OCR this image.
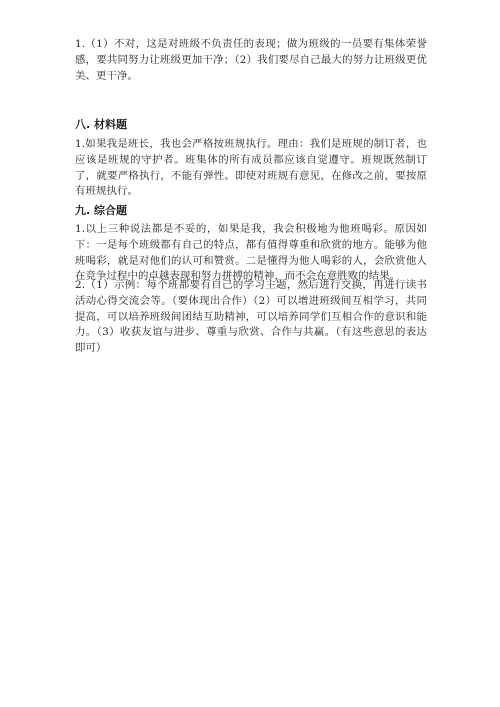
1.（1）不对，这是对班级不负责任的表现；做为班级的一员要有集体荣誉感，要共同努力让班级更加干净；（2）我们要尽自己最大的努力让班级更优美、更干净。
八. 材料题
1.如果我是班长，我也会严格按班规执行。理由：我们是班规的制订者，也应该是班规的守护者。班集体的所有成员都应该自觉遵守。班规既然制订了，就要严格执行，不能有弹性。即使对班规有意见，在修改之前，要按原有班规执行。
九. 综合题
1.以上三种说法都是不妥的，如果是我，我会积极地为他班喝彩。原因如下：一是每个班级都有自己的特点，都有值得尊重和欣赏的地方。能够为他班喝彩，就是对他们的认可和赞赏。二是懂得为他人喝彩的人，会欣赏他人在竞争过程中的卓越表现和努力拼搏的精神，而不会在意胜败的结果。
2.（1）示例：每个班都要有自己的学习主题，然后进行交换，再进行读书活动心得交流会等。（要体现出合作）（2）可以增进班级间互相学习，共同提高，可以培养班级间团结互助精神，可以培养同学们互相合作的意识和能力。（3）收获友谊与进步、尊重与欣赏、合作与共赢。（有这些意思的表达即可）
